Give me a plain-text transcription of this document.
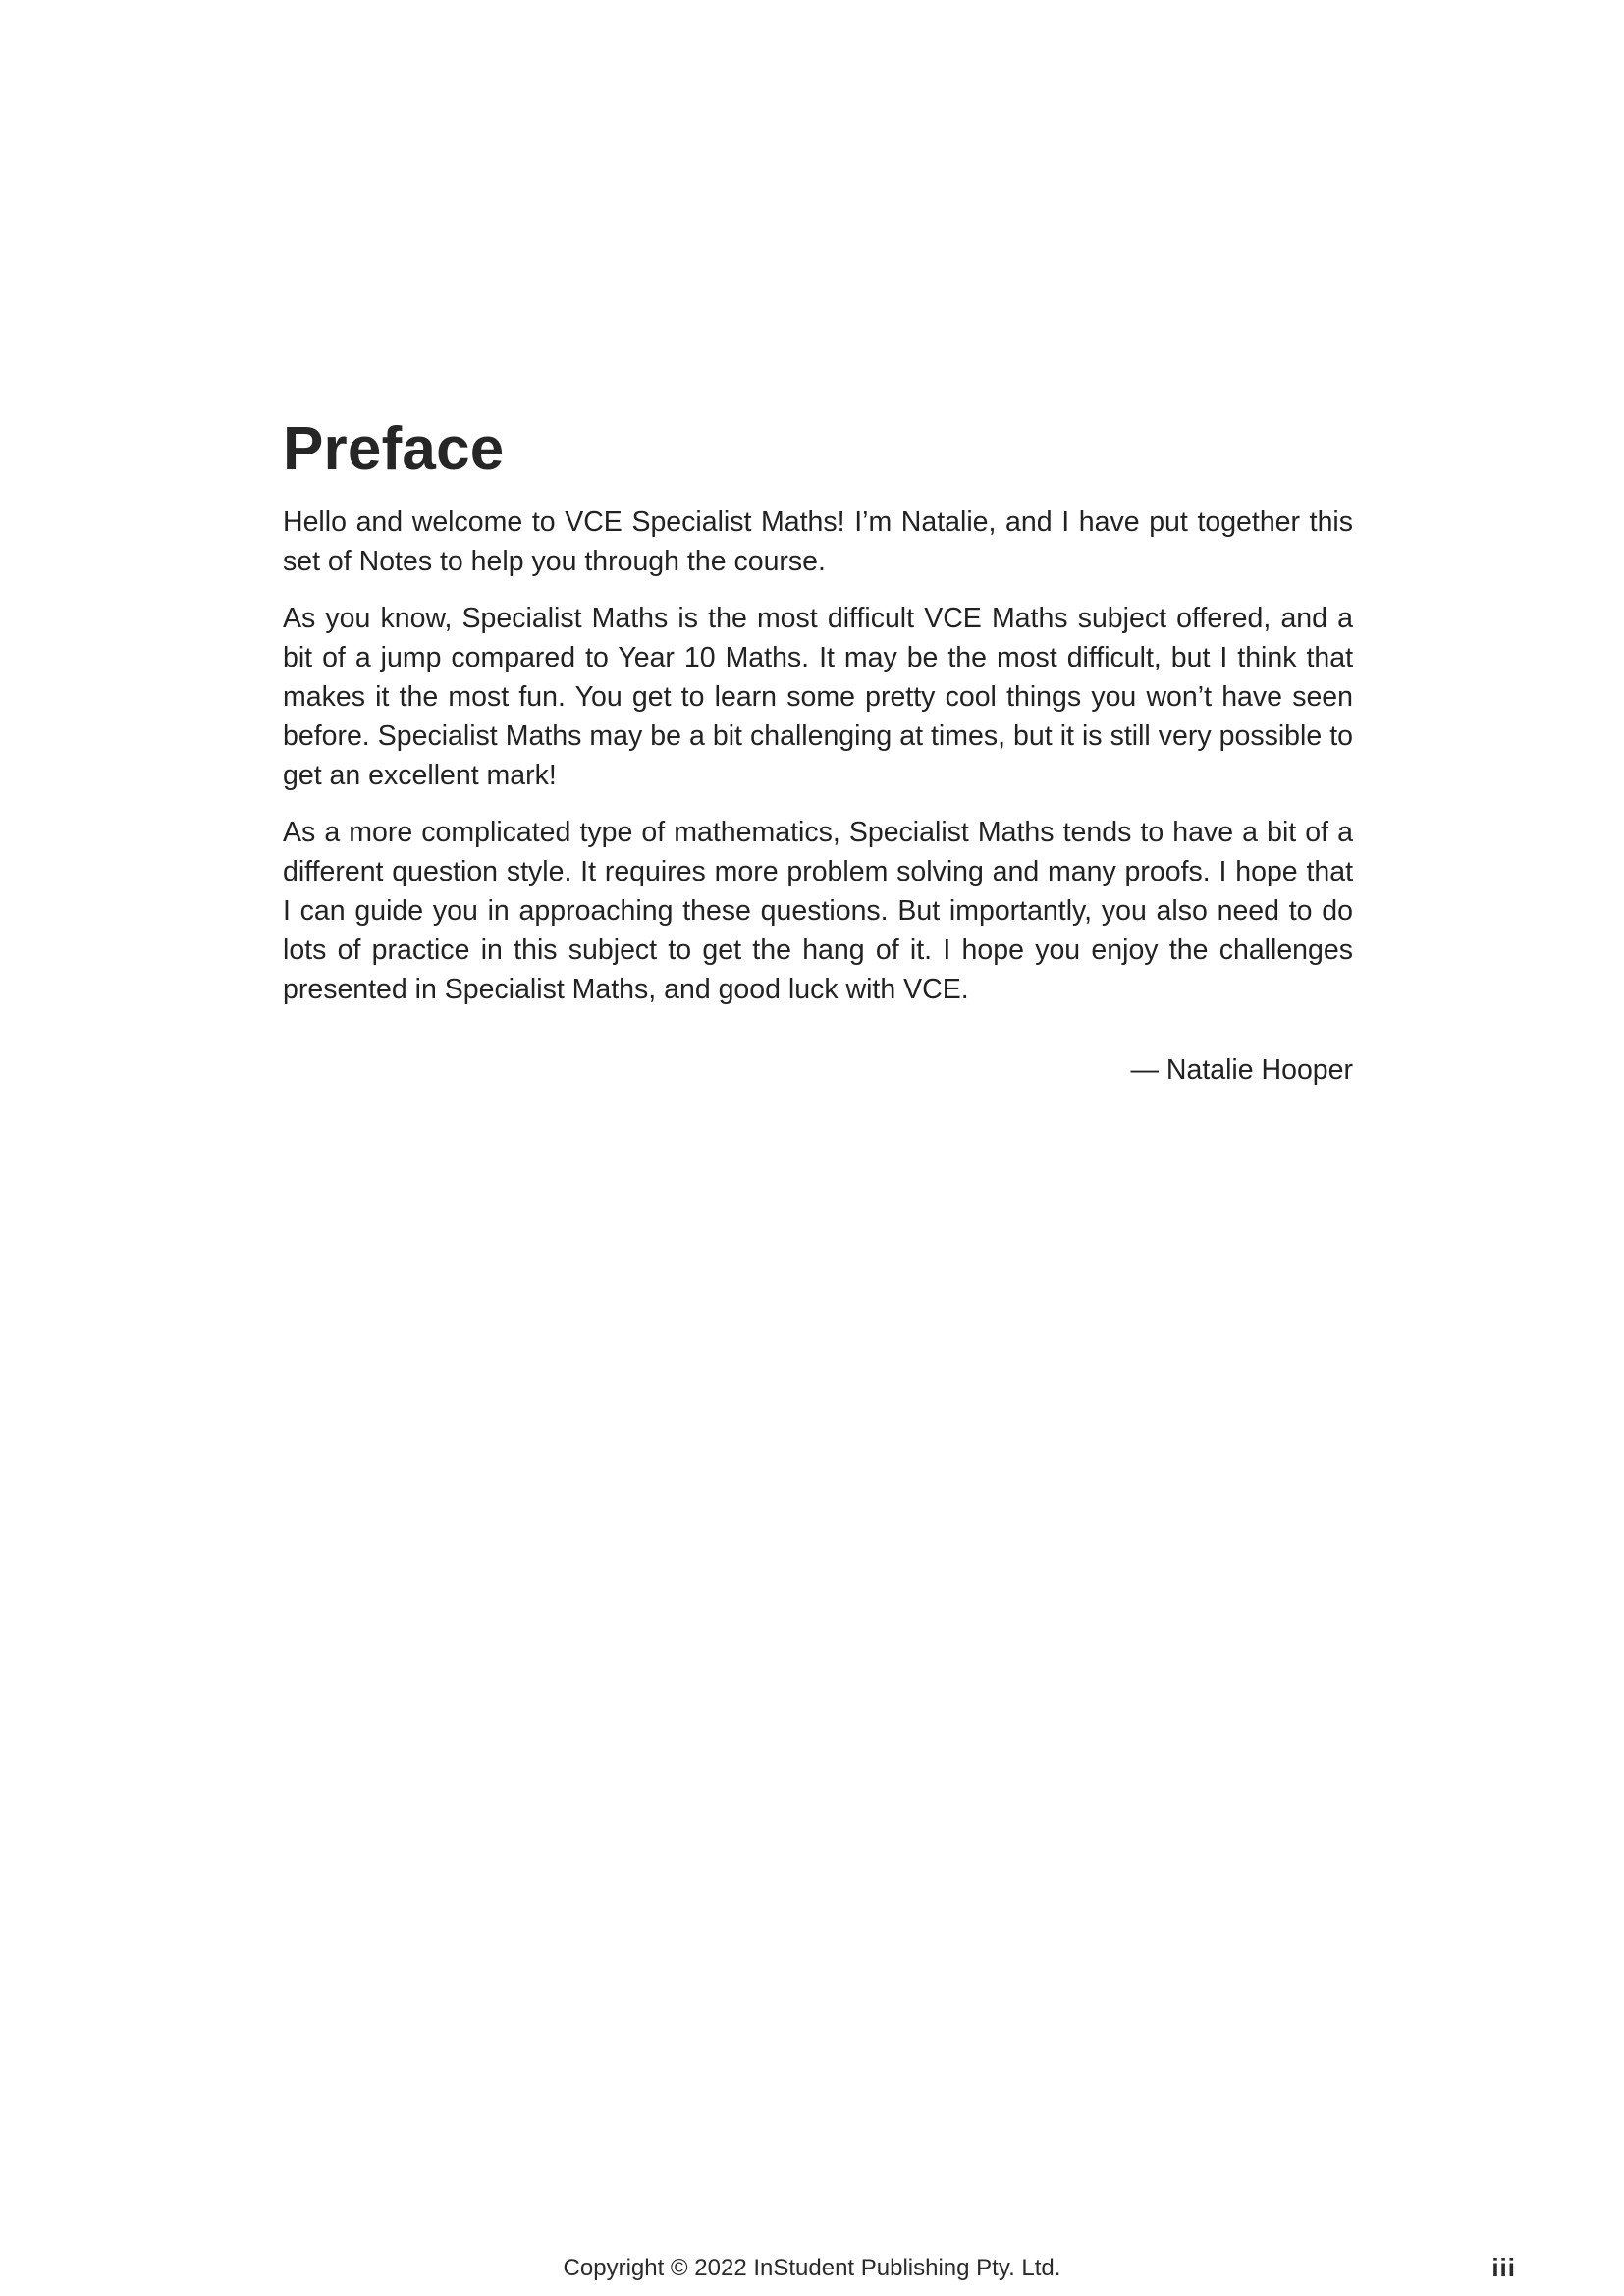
Preface

Hello and welcome to VCE Specialist Maths! I’m Natalie, and I have put together this set of Notes to help you through the course.

As you know, Specialist Maths is the most difficult VCE Maths subject offered, and a bit of a jump compared to Year 10 Maths. It may be the most difficult, but I think that makes it the most fun. You get to learn some pretty cool things you won’t have seen before. Specialist Maths may be a bit challenging at times, but it is still very possible to get an excellent mark!

As a more complicated type of mathematics, Specialist Maths tends to have a bit of a different question style. It requires more problem solving and many proofs. I hope that I can guide you in approaching these questions. But importantly, you also need to do lots of practice in this subject to get the hang of it. I hope you enjoy the challenges presented in Specialist Maths, and good luck with VCE.

— Natalie Hooper

Copyright © 2022 InStudent Publishing Pty. Ltd.	iii
